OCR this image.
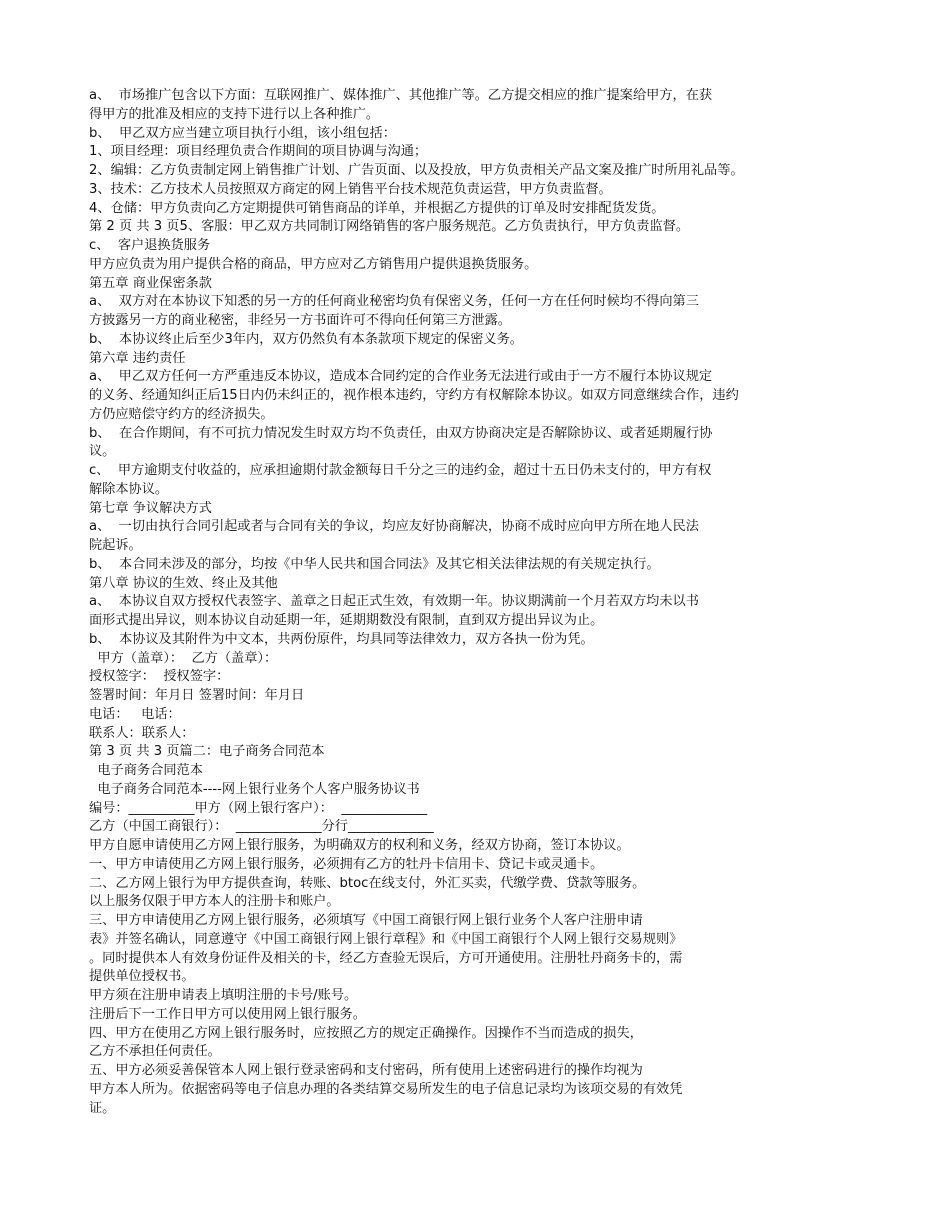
a、  市场推广包含以下方面：互联网推广、媒体推广、其他推广等。乙方提交相应的推广提案给甲方，在获
得甲方的批准及相应的支持下进行以上各种推广。
b、  甲乙双方应当建立项目执行小组，该小组包括：
1、项目经理：项目经理负责合作期间的项目协调与沟通；
2、编辑：乙方负责制定网上销售推广计划、广告页面、以及投放，甲方负责相关产品文案及推广时所用礼品等。
3、技术：乙方技术人员按照双方商定的网上销售平台技术规范负责运营，甲方负责监督。
4、仓储：甲方负责向乙方定期提供可销售商品的详单，并根据乙方提供的订单及时安排配货发货。
第 2 页 共 3 页5、客服：甲乙双方共同制订网络销售的客户服务规范。乙方负责执行，甲方负责监督。
c、  客户退换货服务
甲方应负责为用户提供合格的商品，甲方应对乙方销售用户提供退换货服务。
第五章 商业保密条款
a、  双方对在本协议下知悉的另一方的任何商业秘密均负有保密义务，任何一方在任何时候均不得向第三
方披露另一方的商业秘密，非经另一方书面许可不得向任何第三方泄露。
b、  本协议终止后至少3年内，双方仍然负有本条款项下规定的保密义务。
第六章 违约责任
a、  甲乙双方任何一方严重违反本协议，造成本合同约定的合作业务无法进行或由于一方不履行本协议规定
的义务、经通知纠正后15日内仍未纠正的，视作根本违约，守约方有权解除本协议。如双方同意继续合作，违约
方仍应赔偿守约方的经济损失。
b、  在合作期间，有不可抗力情况发生时双方均不负责任，由双方协商决定是否解除协议、或者延期履行协
议。
c、  甲方逾期支付收益的，应承担逾期付款金额每日千分之三的违约金，超过十五日仍未支付的，甲方有权
解除本协议。
第七章 争议解决方式
a、  一切由执行合同引起或者与合同有关的争议，均应友好协商解决，协商不成时应向甲方所在地人民法
院起诉。
b、  本合同未涉及的部分，均按《中华人民共和国合同法》及其它相关法律法规的有关规定执行。
第八章 协议的生效、终止及其他
a、  本协议自双方授权代表签字、盖章之日起正式生效，有效期一年。协议期满前一个月若双方均未以书
面形式提出异议，则本协议自动延期一年，延期期数没有限制，直到双方提出异议为止。
b、  本协议及其附件为中文本，共两份原件，均具同等法律效力，双方各执一份为凭。
甲方（盖章）：  乙方（盖章）：
授权签字：  授权签字：
签署时间：年月日 签署时间：年月日
电话：   电话：
联系人：联系人：
第 3 页 共 3 页篇二：电子商务合同范本
电子商务合同范本
电子商务合同范本----网上银行业务个人客户服务协议书
编号：__________甲方（网上银行客户）：  _____________
乙方（中国工商银行）：  _____________分行_____________
甲方自愿申请使用乙方网上银行服务，为明确双方的权利和义务，经双方协商，签订本协议。
一、甲方申请使用乙方网上银行服务，必须拥有乙方的牡丹卡信用卡、贷记卡或灵通卡。
二、乙方网上银行为甲方提供查询，转账、btoc在线支付，外汇买卖，代缴学费、贷款等服务。
以上服务仅限于甲方本人的注册卡和账户。
三、甲方申请使用乙方网上银行服务，必须填写《中国工商银行网上银行业务个人客户注册申请
表》并签名确认，同意遵守《中国工商银行网上银行章程》和《中国工商银行个人网上银行交易规则》
。同时提供本人有效身份证件及相关的卡，经乙方查验无误后，方可开通使用。注册牡丹商务卡的，需
提供单位授权书。
甲方须在注册申请表上填明注册的卡号/账号。
注册后下一工作日甲方可以使用网上银行服务。
四、甲方在使用乙方网上银行服务时，应按照乙方的规定正确操作。因操作不当而造成的损失，
乙方不承担任何责任。
五、甲方必须妥善保管本人网上银行登录密码和支付密码，所有使用上述密码进行的操作均视为
甲方本人所为。依据密码等电子信息办理的各类结算交易所发生的电子信息记录均为该项交易的有效凭
证。
